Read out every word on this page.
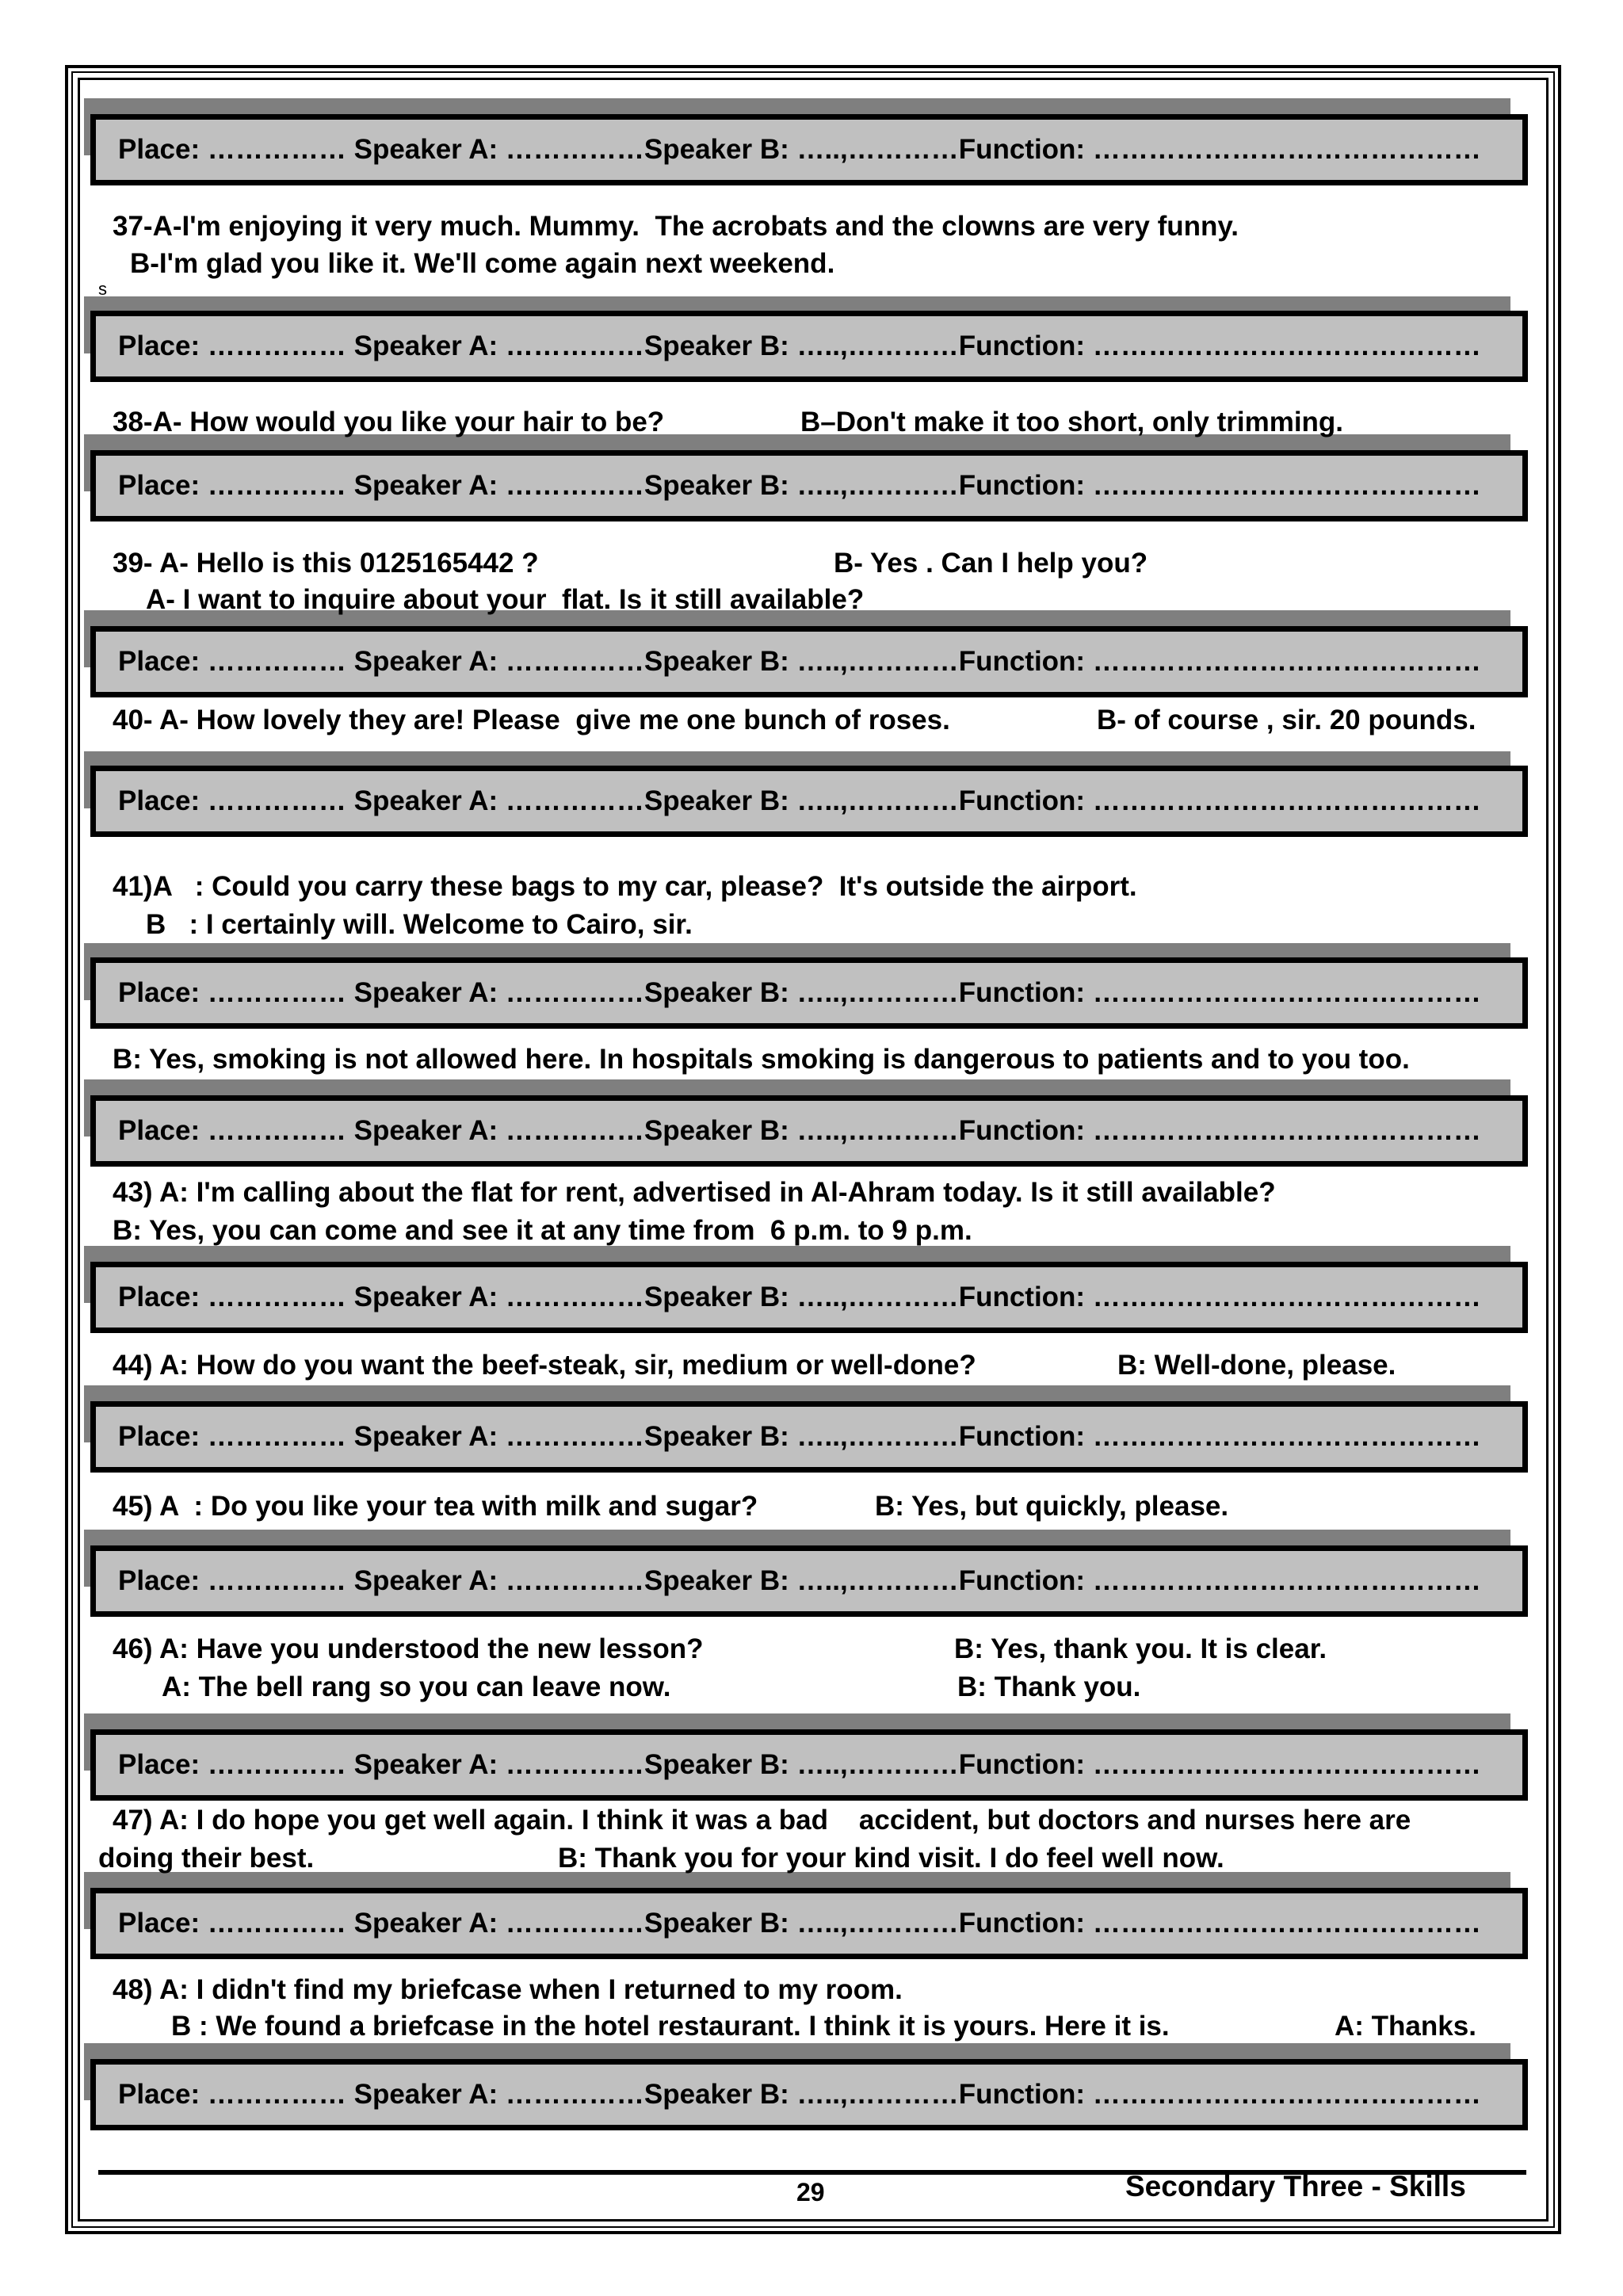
Place: …………… Speaker A: ……………Speaker B: …..,…………Function: ……………………………………

37-A-I'm enjoying it very much. Mummy.  The acrobats and the clowns are very funny.

B-I'm glad you like it. We'll come again next weekend.

s
Place: …………… Speaker A: ……………Speaker B: …..,…………Function: ……………………………………

38-A- How would you like your hair to be?	B–Don't make it too short, only trimming.

Place: …………… Speaker A: ……………Speaker B: …..,…………Function: ……………………………………

39- A- Hello is this 0125165442 ?	B- Yes . Can I help you?

A- I want to inquire about your  flat. Is it still available?

Place: …………… Speaker A: ……………Speaker B: …..,…………Function: ……………………………………

40- A- How lovely they are! Please  give me one bunch of roses.	B- of course , sir. 20 pounds.

Place: …………… Speaker A: ……………Speaker B: …..,…………Function: ……………………………………

41)A   : Could you carry these bags to my car, please?  It's outside the airport.

B   : I certainly will. Welcome to Cairo, sir.

Place: …………… Speaker A: ……………Speaker B: …..,…………Function: ……………………………………

B: Yes, smoking is not allowed here. In hospitals smoking is dangerous to patients and to you too.

Place: …………… Speaker A: ……………Speaker B: …..,…………Function: ……………………………………

43) A: I'm calling about the flat for rent, advertised in Al-Ahram today. Is it still available?

B: Yes, you can come and see it at any time from  6 p.m. to 9 p.m.

Place: …………… Speaker A: ……………Speaker B: …..,…………Function: ……………………………………

44) A: How do you want the beef-steak, sir, medium or well-done?	B: Well-done, please.

Place: …………… Speaker A: ……………Speaker B: …..,…………Function: ……………………………………

45) A  : Do you like your tea with milk and sugar?	B: Yes, but quickly, please.

Place: …………… Speaker A: ……………Speaker B: …..,…………Function: ……………………………………

46) A: Have you understood the new lesson?	B: Yes, thank you. It is clear.

A: The bell rang so you can leave now.	B: Thank you.

Place: …………… Speaker A: ……………Speaker B: …..,…………Function: ……………………………………

47) A: I do hope you get well again. I think it was a bad    accident, but doctors and nurses here are

doing their best.	B: Thank you for your kind visit. I do feel well now.

Place: …………… Speaker A: ……………Speaker B: …..,…………Function: ……………………………………

48) A: I didn't find my briefcase when I returned to my room.

B : We found a briefcase in the hotel restaurant. I think it is yours. Here it is.	A: Thanks.

Place: …………… Speaker A: ……………Speaker B: …..,…………Function: ……………………………………
29	Secondary Three - Skills
